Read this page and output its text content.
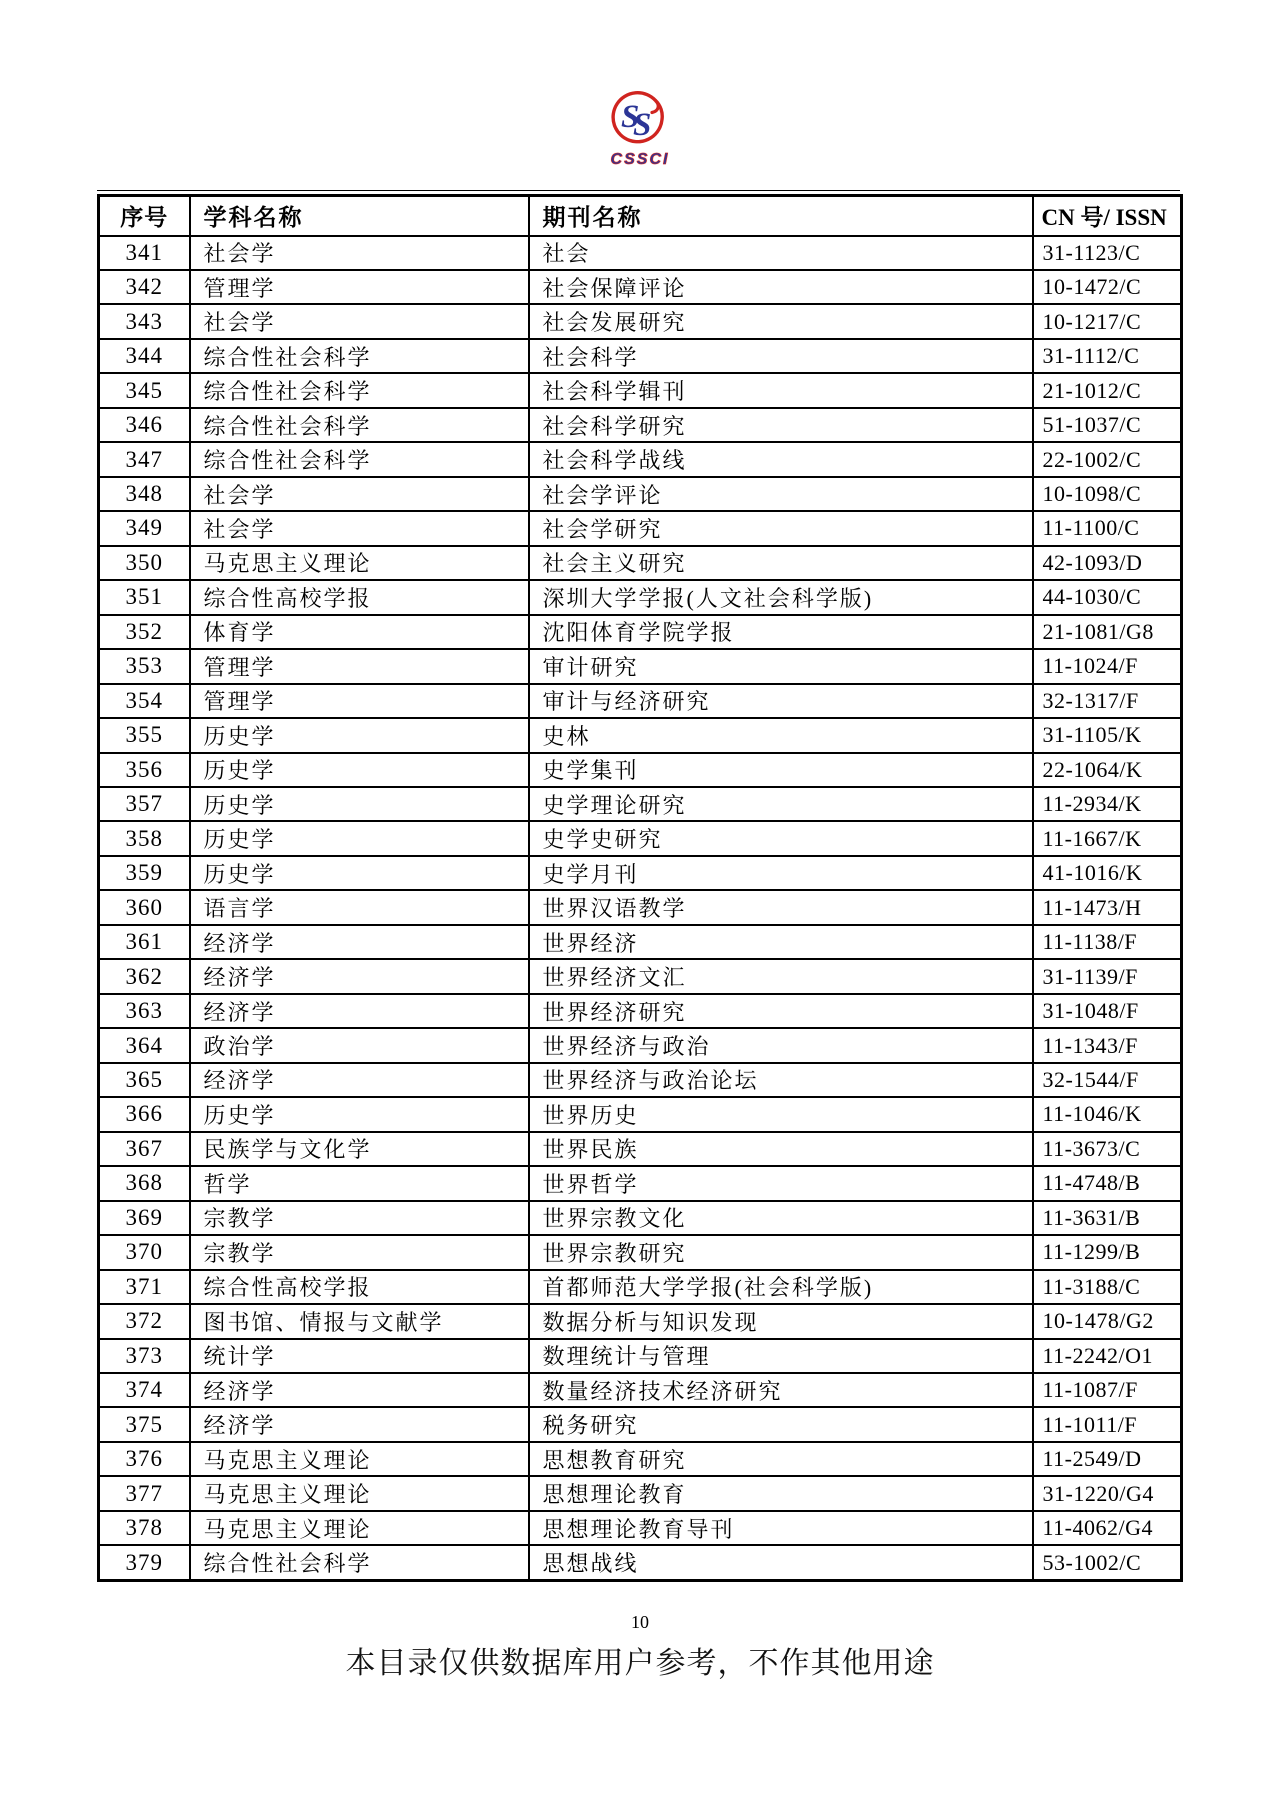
S
S
CSSCI
序号	学科名称	期刊名称	CN 号/ ISSN
341	社会学	社会	31-1123/C
342	管理学	社会保障评论	10-1472/C
343	社会学	社会发展研究	10-1217/C
344	综合性社会科学	社会科学	31-1112/C
345	综合性社会科学	社会科学辑刊	21-1012/C
346	综合性社会科学	社会科学研究	51-1037/C
347	综合性社会科学	社会科学战线	22-1002/C
348	社会学	社会学评论	10-1098/C
349	社会学	社会学研究	11-1100/C
350	马克思主义理论	社会主义研究	42-1093/D
351	综合性高校学报	深圳大学学报(人文社会科学版)	44-1030/C
352	体育学	沈阳体育学院学报	21-1081/G8
353	管理学	审计研究	11-1024/F
354	管理学	审计与经济研究	32-1317/F
355	历史学	史林	31-1105/K
356	历史学	史学集刊	22-1064/K
357	历史学	史学理论研究	11-2934/K
358	历史学	史学史研究	11-1667/K
359	历史学	史学月刊	41-1016/K
360	语言学	世界汉语教学	11-1473/H
361	经济学	世界经济	11-1138/F
362	经济学	世界经济文汇	31-1139/F
363	经济学	世界经济研究	31-1048/F
364	政治学	世界经济与政治	11-1343/F
365	经济学	世界经济与政治论坛	32-1544/F
366	历史学	世界历史	11-1046/K
367	民族学与文化学	世界民族	11-3673/C
368	哲学	世界哲学	11-4748/B
369	宗教学	世界宗教文化	11-3631/B
370	宗教学	世界宗教研究	11-1299/B
371	综合性高校学报	首都师范大学学报(社会科学版)	11-3188/C
372	图书馆、情报与文献学	数据分析与知识发现	10-1478/G2
373	统计学	数理统计与管理	11-2242/O1
374	经济学	数量经济技术经济研究	11-1087/F
375	经济学	税务研究	11-1011/F
376	马克思主义理论	思想教育研究	11-2549/D
377	马克思主义理论	思想理论教育	31-1220/G4
378	马克思主义理论	思想理论教育导刊	11-4062/G4
379	综合性社会科学	思想战线	53-1002/C
10
本目录仅供数据库用户参考，不作其他用途
